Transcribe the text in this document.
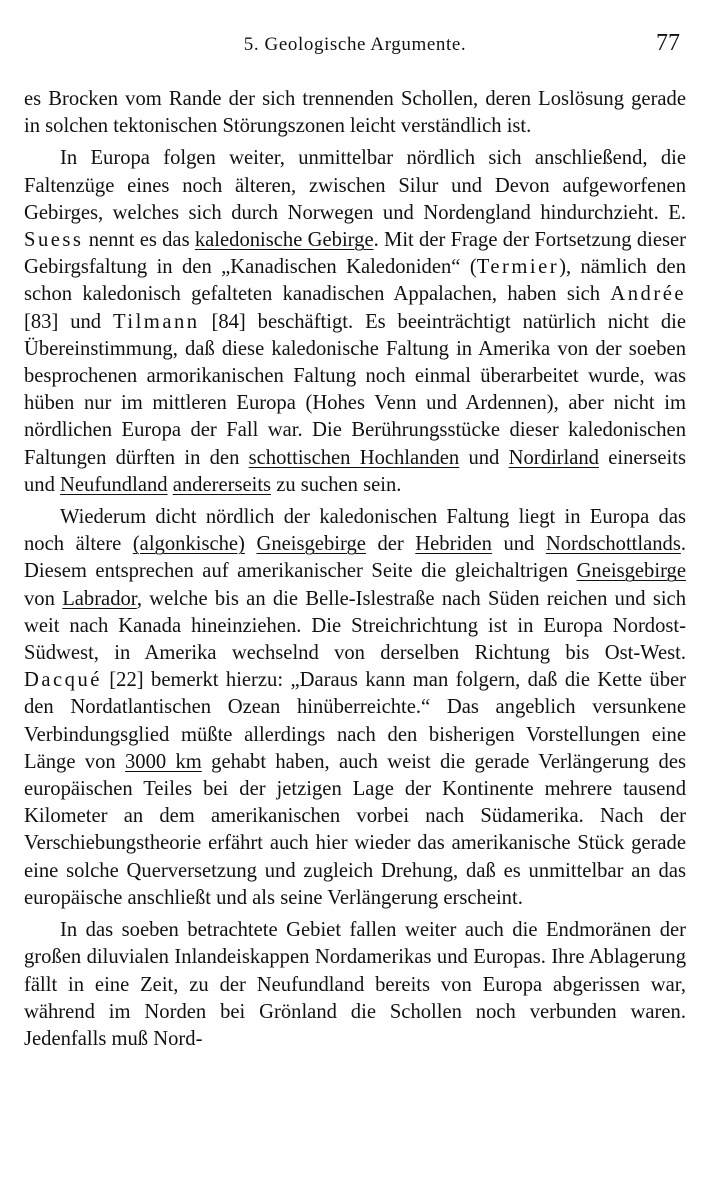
5. Geologische Argumente.	77

es Brocken vom Rande der sich trennenden Schollen, deren Loslösung gerade in solchen tektonischen Störungszonen leicht verständlich ist.

In Europa folgen weiter, unmittelbar nördlich sich anschließend, die Faltenzüge eines noch älteren, zwischen Silur und Devon aufgeworfenen Gebirges, welches sich durch Norwegen und Nordengland hindurchzieht. E. Suess nennt es das kaledonische Gebirge. Mit der Frage der Fortsetzung dieser Gebirgsfaltung in den „Kanadischen Kaledoniden“ (Termier), nämlich den schon kaledonisch gefalteten kanadischen Appalachen, haben sich Andrée [83] und Tilmann [84] beschäftigt. Es beeinträchtigt natürlich nicht die Übereinstimmung, daß diese kaledonische Faltung in Amerika von der soeben besprochenen armorikanischen Faltung noch einmal überarbeitet wurde, was hüben nur im mittleren Europa (Hohes Venn und Ardennen), aber nicht im nördlichen Europa der Fall war. Die Berührungsstücke dieser kaledonischen Faltungen dürften in den schottischen Hochlanden und Nordirland einerseits und Neufundland andererseits zu suchen sein.

Wiederum dicht nördlich der kaledonischen Faltung liegt in Europa das noch ältere (algonkische) Gneisgebirge der Hebriden und Nordschottlands. Diesem entsprechen auf amerikanischer Seite die gleichaltrigen Gneisgebirge von Labrador, welche bis an die Belle-Islestraße nach Süden reichen und sich weit nach Kanada hineinziehen. Die Streichrichtung ist in Europa Nordost-Südwest, in Amerika wechselnd von derselben Richtung bis Ost-West. Dacqué [22] bemerkt hierzu: „Daraus kann man folgern, daß die Kette über den Nordatlantischen Ozean hinüberreichte.“ Das angeblich versunkene Verbindungsglied müßte allerdings nach den bisherigen Vorstellungen eine Länge von 3000 km gehabt haben, auch weist die gerade Verlängerung des europäischen Teiles bei der jetzigen Lage der Kontinente mehrere tausend Kilometer an dem amerikanischen vorbei nach Südamerika. Nach der Verschiebungstheorie erfährt auch hier wieder das amerikanische Stück gerade eine solche Querversetzung und zugleich Drehung, daß es unmittelbar an das europäische anschließt und als seine Verlängerung erscheint.

In das soeben betrachtete Gebiet fallen weiter auch die Endmoränen der großen diluvialen Inlandeiskappen Nordamerikas und Europas. Ihre Ablagerung fällt in eine Zeit, zu der Neufundland bereits von Europa abgerissen war, während im Norden bei Grönland die Schollen noch verbunden waren. Jedenfalls muß Nord-
